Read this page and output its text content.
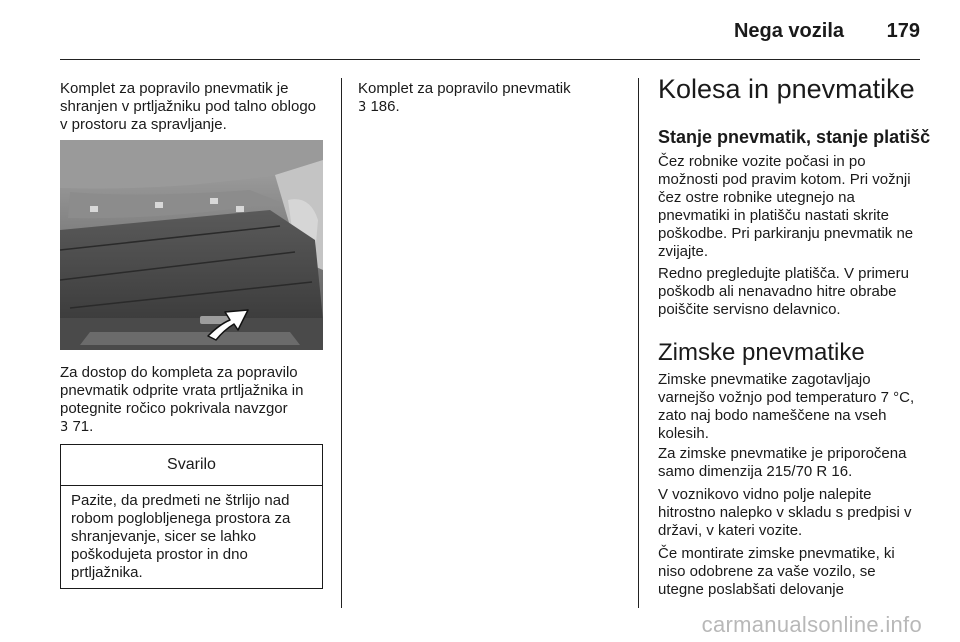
Nega vozila	179

Komplet za popravilo pnevmatik je shranjen v prtljažniku pod talno oblogo v prostoru za spravljanje.

Za dostop do kompleta za popravilo pnevmatik odprite vrata prtljažnika in potegnite ročico pokrivala navzgor
3 71.

Svarilo

Pazite, da predmeti ne štrlijo nad robom poglobljenega prostora za shranjevanje, sicer se lahko poškodujeta prostor in dno prtljažnika.

Komplet za popravilo pnevmatik
3 186.

Kolesa in pnevmatike
Stanje pnevmatik, stanje platišč

Čez robnike vozite počasi in po možnosti pod pravim kotom. Pri vožnji čez ostre robnike utegnejo na pnevmatiki in platišču nastati skrite poškodbe. Pri parkiranju pnevmatik ne zvijajte.

Redno pregledujte platišča. V primeru poškodb ali nenavadno hitre obrabe poiščite servisno delavnico.

Zimske pnevmatike

Zimske pnevmatike zagotavljajo varnejšo vožnjo pod temperaturo 7 °C, zato naj bodo nameščene na vseh kolesih.

Za zimske pnevmatike je priporočena samo dimenzija 215/70 R 16.

V voznikovo vidno polje nalepite hitrostno nalepko v skladu s predpisi v državi, v kateri vozite.

Če montirate zimske pnevmatike, ki niso odobrene za vaše vozilo, se utegne poslabšati delovanje

carmanualsonline.info
